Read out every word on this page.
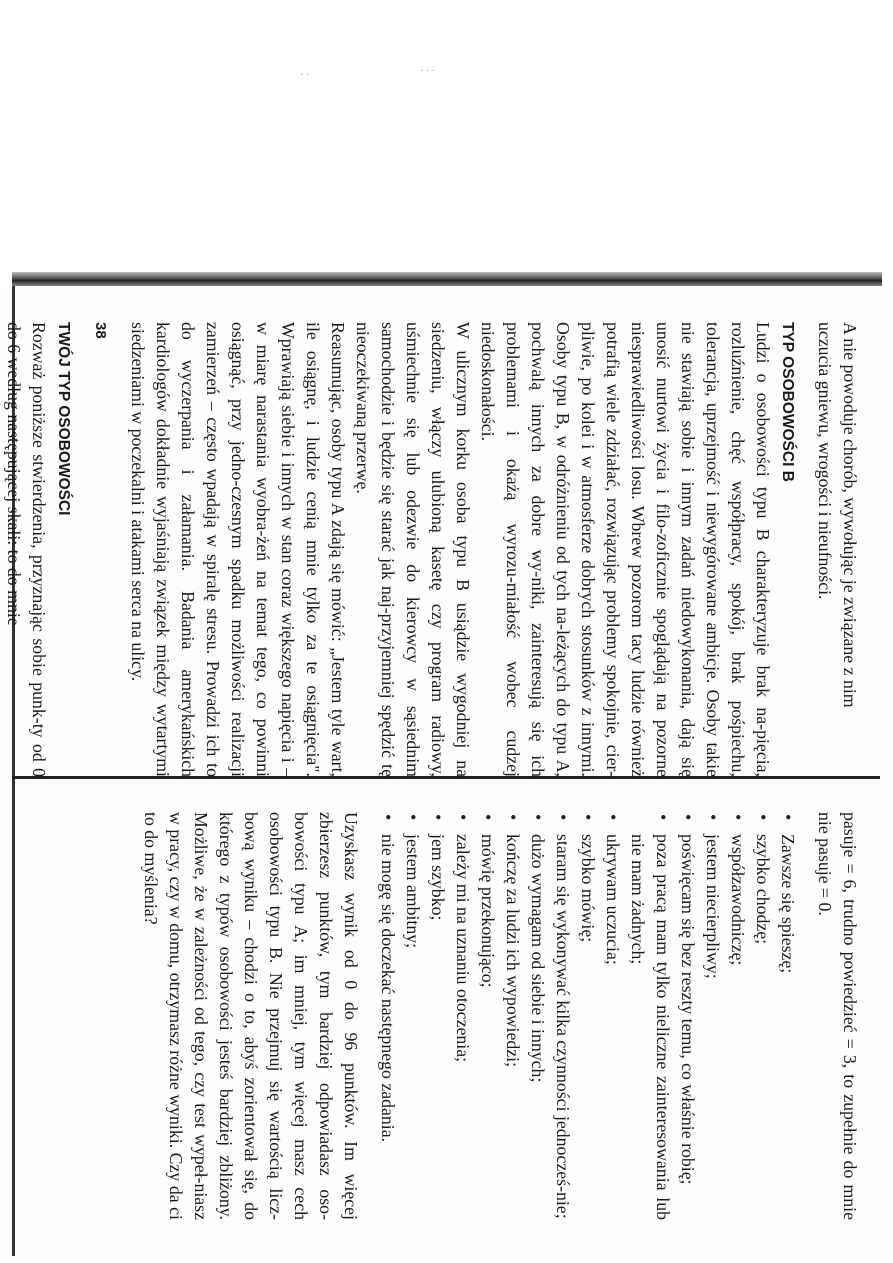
· ·	· · ·

A nie powoduje chorób, wywołując je związane z nim

uczucia gniewu, wrogości i nieufności.

TYP OSOBOWOŚCI B

Ludzi o osobowości typu B charakteryzuje brak na-pięcia, rozluźnienie, chęć współpracy, spokój, brak pośpiechu, tolerancja, uprzejmość i niewygórowane ambicje. Osoby takie nie stawiają sobie i innym zadań niedowykonania, dają się unosić nurtowi życia i filo-zoficznie spoglądają na pozorne niesprawiedliwości losu. Wbrew pozorom tacy ludzie również potrafią wiele zdziałać, rozwiązując problemy spokojnie, cier-pliwie, po kolei i w atmosferze dobrych stosunków z innymi. Osoby typu B, w odróżnieniu od tych na-leżących do typu A, pochwalą innych za dobre wy-niki, zainteresują się ich problemami i okażą wyrozu-miałość wobec cudzej niedoskonałości.

W ulicznym korku osoba typu B usiądzie wygodniej na siedzeniu, włączy ulubioną kasetę czy program radiowy, uśmiechnie się lub odezwie do kierowcy w sąsiednim samochodzie i będzie się starać jak naj-przyjemniej spędzić tę nieoczekiwaną przerwę.

Reasumując, osoby typu A zdają się mówić: „Jestem tyle wart, ile osiągnę, i ludzie cenią mnie tylko za te osiągnięcia". Wprawiają siebie i innych w stan coraz większego napięcia i – w miarę narastania wyobra-żeń na temat tego, co powinni osiągnąć, przy jedno-czesnym spadku możliwości realizacji zamierzeń – często wpadają w spiralę stresu. Prowadzi ich to do wyczerpania i załamania. Badania amerykańskich kardiologów dokładnie wyjaśniają związek między wytartymi siedzeniami w poczekalni i atakami serca na ulicy.

38
TWÓJ TYP OSOBOWOŚCI

Rozważ poniższe stwierdzenia, przyznając sobie punk-ty od 0 do 6 według następującej skali: to do mnie

pasuje = 6, trudno powiedzieć = 3, to zupełnie do mnie nie pasuje = 0.

• Zawsze się spieszę;
• szybko chodzę;
• współzawodniczę;
• jestem niecierpliwy;
• poświęcam się bez reszty temu, co właśnie robię;
• poza pracą mam tylko nieliczne zainteresowania lub nie mam żadnych;
• ukrywam uczucia;
• szybko mówię;
• staram się wykonywać kilka czynności jednocześ-nie;
• dużo wymagam od siebie i innych;
• kończę za ludzi ich wypowiedzi;
• mówię przekonująco;
• zależy mi na uznaniu otoczenia;
• jem szybko;
• jestem ambitny;
• nie mogę się doczekać następnego zadania.

Uzyskasz wynik od 0 do 96 punktów. Im więcej zbierzesz punktów, tym bardziej odpowiadasz oso-bowości typu A; im mniej, tym więcej masz cech osobowości typu B. Nie przejmuj się wartością licz-bową wyniku – chodzi o to, abyś zorientował się, do którego z typów osobowości jesteś bardziej zbliżony. Możliwe, że w zależności od tego, czy test wypeł-niasz w pracy, czy w domu, otrzymasz różne wyniki. Czy da ci to do myślenia?
